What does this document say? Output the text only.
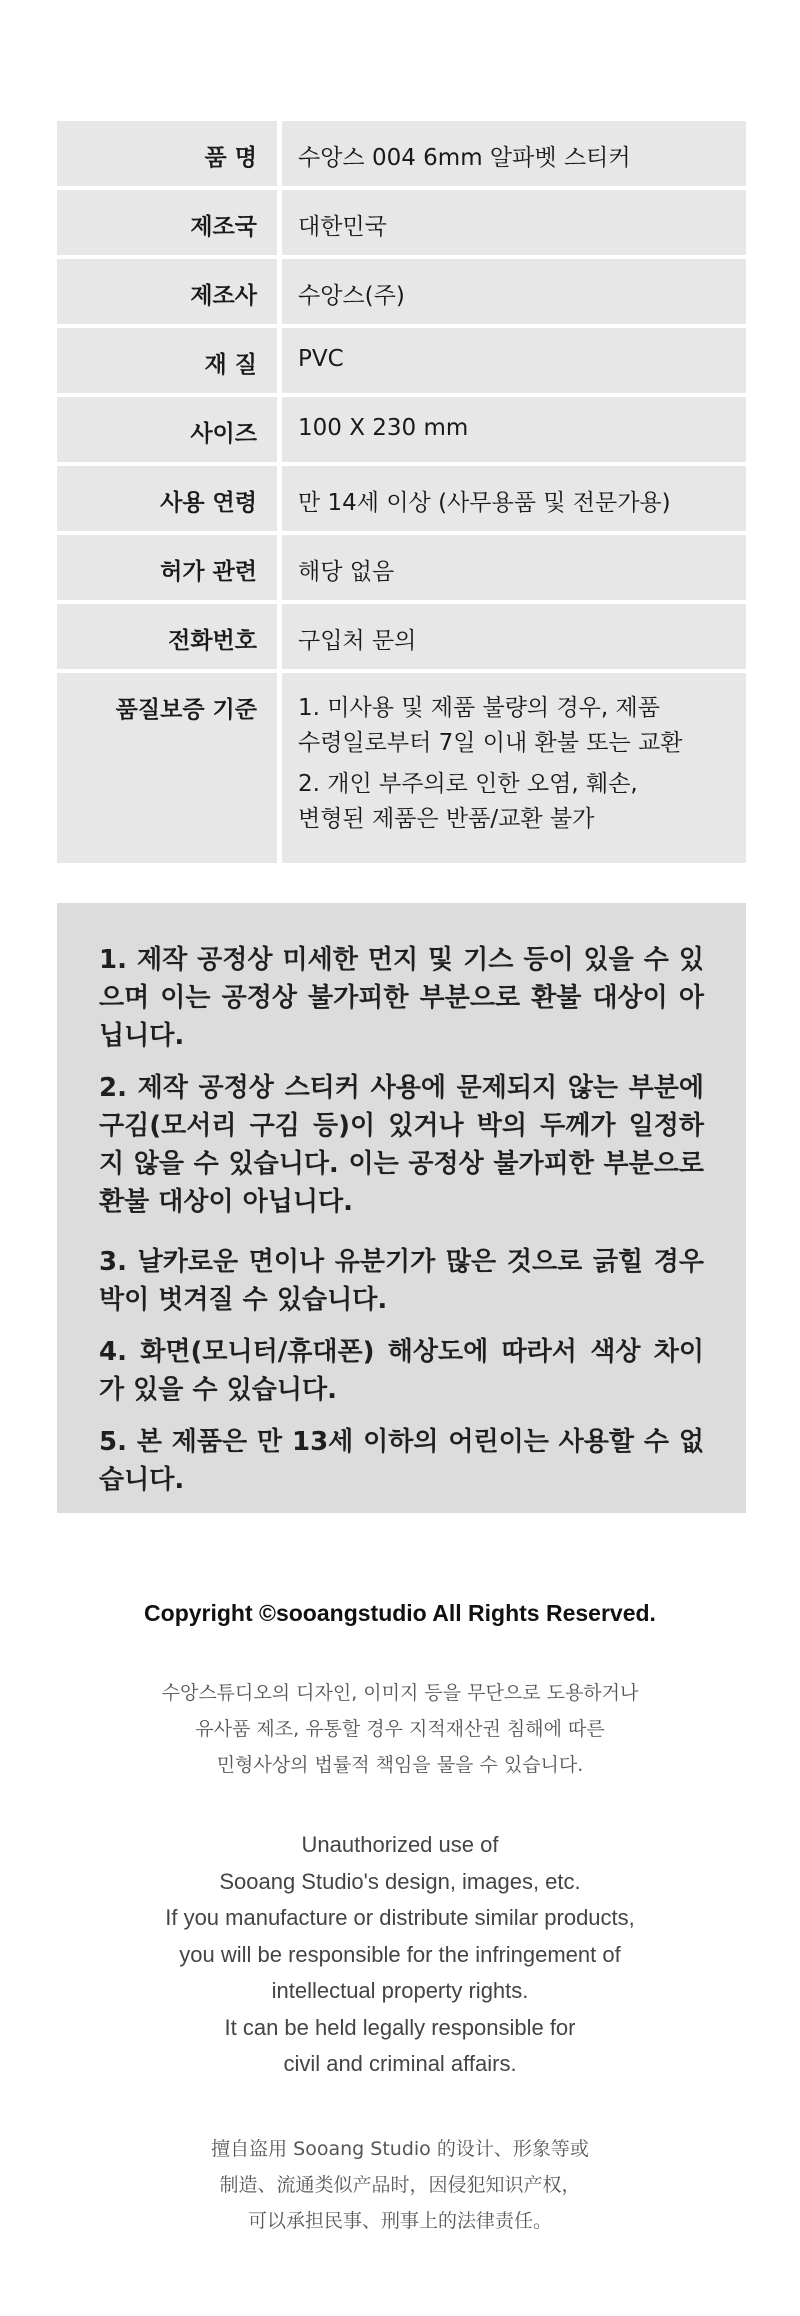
품 명	수앙스 004 6mm 알파벳 스티커
제조국	대한민국
제조사	수앙스(주)
재 질	PVC
사이즈	100 X 230 mm
사용 연령	만 14세 이상 (사무용품 및 전문가용)
허가 관련	해당 없음
전화번호	구입처 문의
품질보증 기준	1. 미사용 및 제품 불량의 경우, 제품
수령일로부터 7일 이내 환불 또는 교환
2. 개인 부주의로 인한 오염, 훼손,
변형된 제품은 반품/교환 불가

1. 제작 공정상 미세한 먼지 및 기스 등이 있을 수 있으며 이는 공정상 불가피한 부분으로 환불 대상이 아닙니다.

2. 제작 공정상 스티커 사용에 문제되지 않는 부분에 구김(모서리 구김 등)이 있거나 박의 두께가 일정하지 않을 수 있습니다. 이는 공정상 불가피한 부분으로 환불 대상이 아닙니다.

3. 날카로운 면이나 유분기가 많은 것으로 긁힐 경우 박이 벗겨질 수 있습니다.

4. 화면(모니터/휴대폰) 해상도에 따라서 색상 차이가 있을 수 있습니다.

5. 본 제품은 만 13세 이하의 어린이는 사용할 수 없습니다.

Copyright ©sooangstudio All Rights Reserved.

수앙스튜디오의 디자인, 이미지 등을 무단으로 도용하거나
유사품 제조, 유통할 경우 지적재산권 침해에 따른
민형사상의 법률적 책임을 물을 수 있습니다.
Unauthorized use of
Sooang Studio's design, images, etc.
If you manufacture or distribute similar products,
you will be responsible for the infringement of
intellectual property rights.
It can be held legally responsible for
civil and criminal affairs.
擅自盗用 Sooang Studio 的设计、形象等或
制造、流通类似产品时，因侵犯知识产权，
可以承担民事、刑事上的法律责任。
